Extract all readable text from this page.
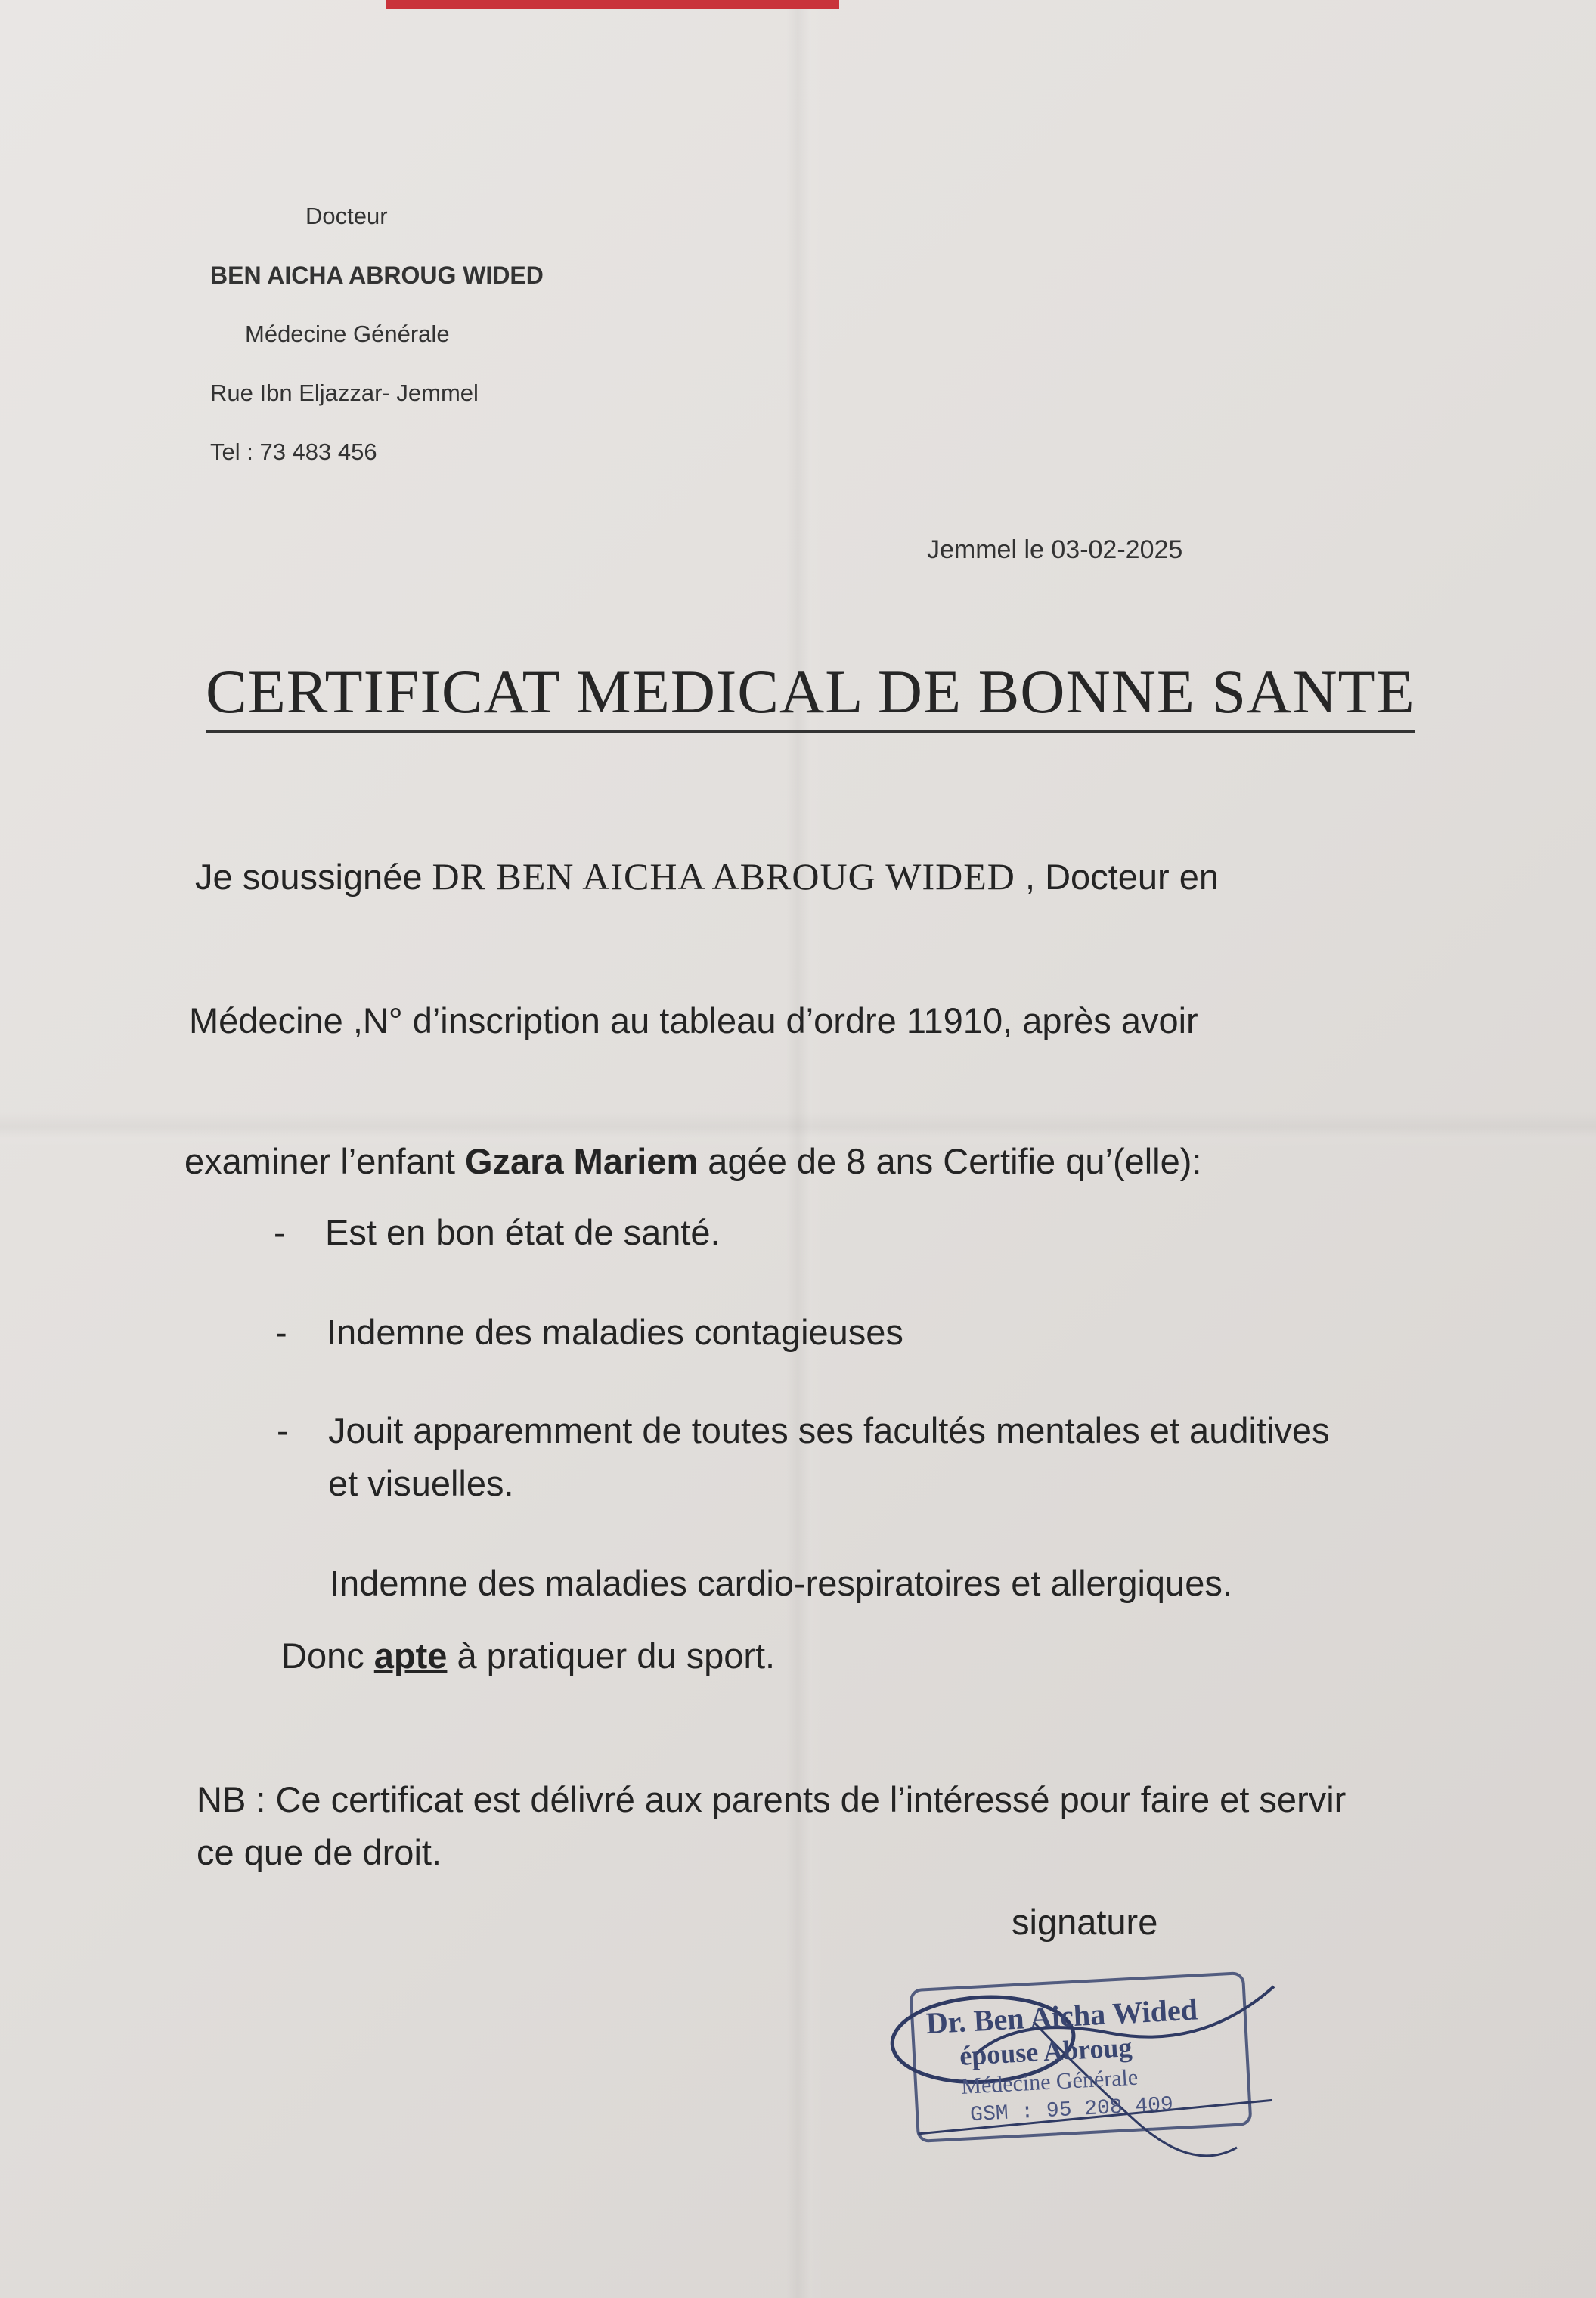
Docteur

BEN AICHA ABROUG WIDED

Médecine Générale

Rue Ibn Eljazzar- Jemmel

Tel : 73 483 456

Jemmel le 03-02-2025

CERTIFICAT MEDICAL DE BONNE SANTE

Je soussignée DR BEN AICHA ABROUG WIDED , Docteur en

Médecine ,N° d’inscription au tableau d’ordre 11910, après avoir

examiner l’enfant Gzara Mariem agée de 8 ans Certifie qu’(elle):

- Est en bon état de santé.

- Indemne des maladies contagieuses

- Jouit apparemment de toutes ses facultés mentales et auditives

et visuelles.

Indemne des maladies cardio-respiratoires et allergiques.

Donc apte à pratiquer du sport.

NB : Ce certificat est délivré aux parents de l’intéressé pour faire et servir

ce que de droit.

signature

Dr. Ben Aicha Wided
épouse Abroug
Médecine Générale
GSM : 95 208 409
